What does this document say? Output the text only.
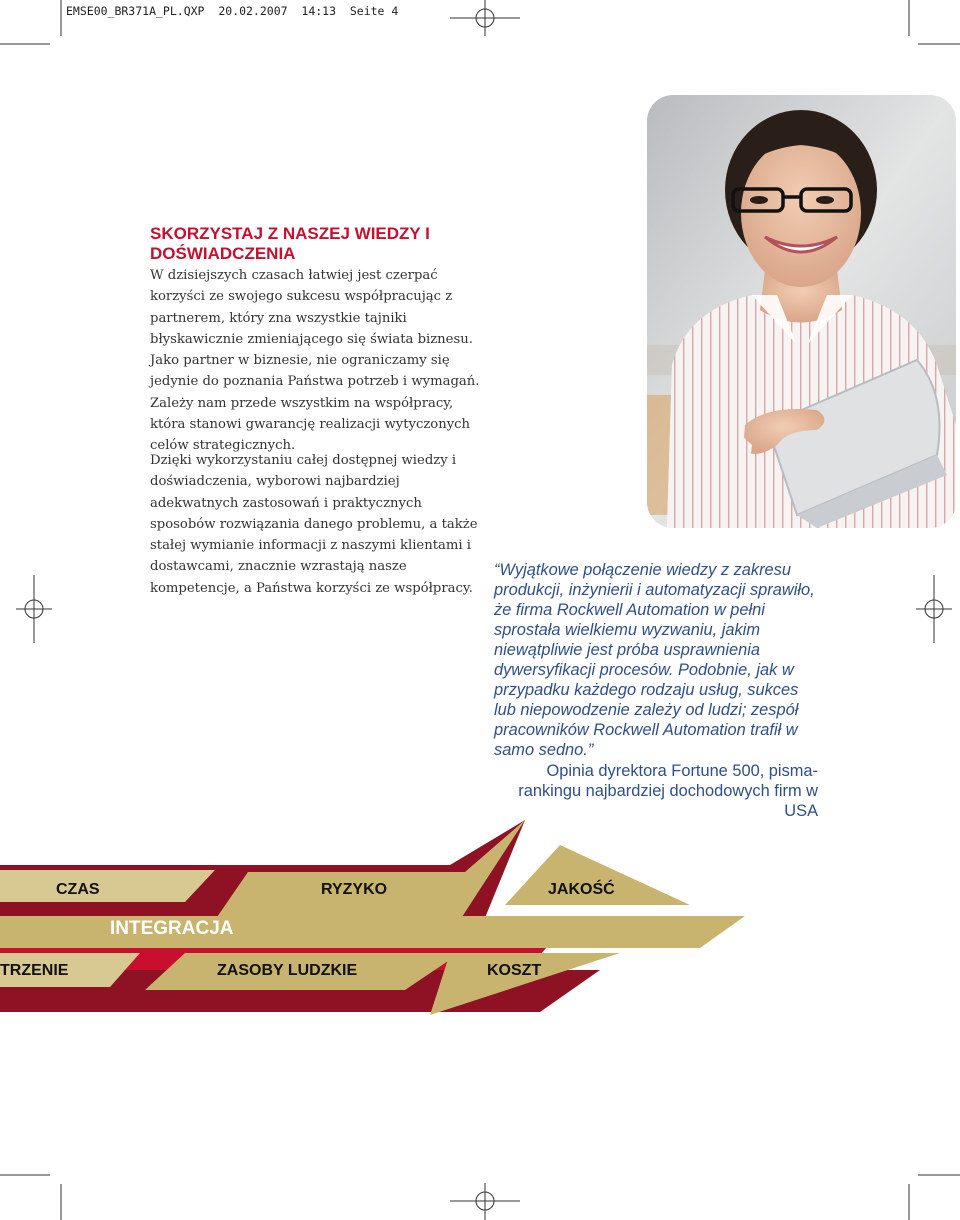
EMSE00_BR371A_PL.QXP  20.02.2007  14:13  Seite 4
SKORZYSTAJ Z NASZEJ WIEDZY I DOŚWIADCZENIA

W dzisiejszych czasach łatwiej jest czerpać korzyści ze swojego sukcesu współpracując z partnerem, który zna wszystkie tajniki błyskawicznie zmieniającego się świata biznesu. Jako partner w biznesie, nie ograniczamy się jedynie do poznania Państwa potrzeb i wymagań. Zależy nam przede wszystkim na współpracy, która stanowi gwarancję realizacji wytyczonych celów strategicznych.

Dzięki wykorzystaniu całej dostępnej wiedzy i doświadczenia, wyborowi najbardziej adekwatnych zastosowań i praktycznych sposobów rozwiązania danego problemu, a także stałej wymianie informacji z naszymi klientami i dostawcami, znacznie wzrastają nasze kompetencje, a Państwa korzyści ze współpracy.

“Wyjątkowe połączenie wiedzy z zakresu produkcji, inżynierii i automatyzacji sprawiło, że firma Rockwell Automation w pełni sprostała wielkiemu wyzwaniu, jakim niewątpliwie jest próba usprawnienia dywersyfikacji procesów. Podobnie, jak w przypadku każdego rodzaju usług, sukces lub niepowodzenie zależy od ludzi; zespół pracowników Rockwell Automation trafił w samo sedno.”

Opinia dyrektora Fortune 500, pisma-rankingu najbardziej dochodowych firm w USA

CZAS	RYZYKO	JAKOŚĆ
INTEGRACJA
TRZENIE	ZASOBY LUDZKIE	KOSZT
